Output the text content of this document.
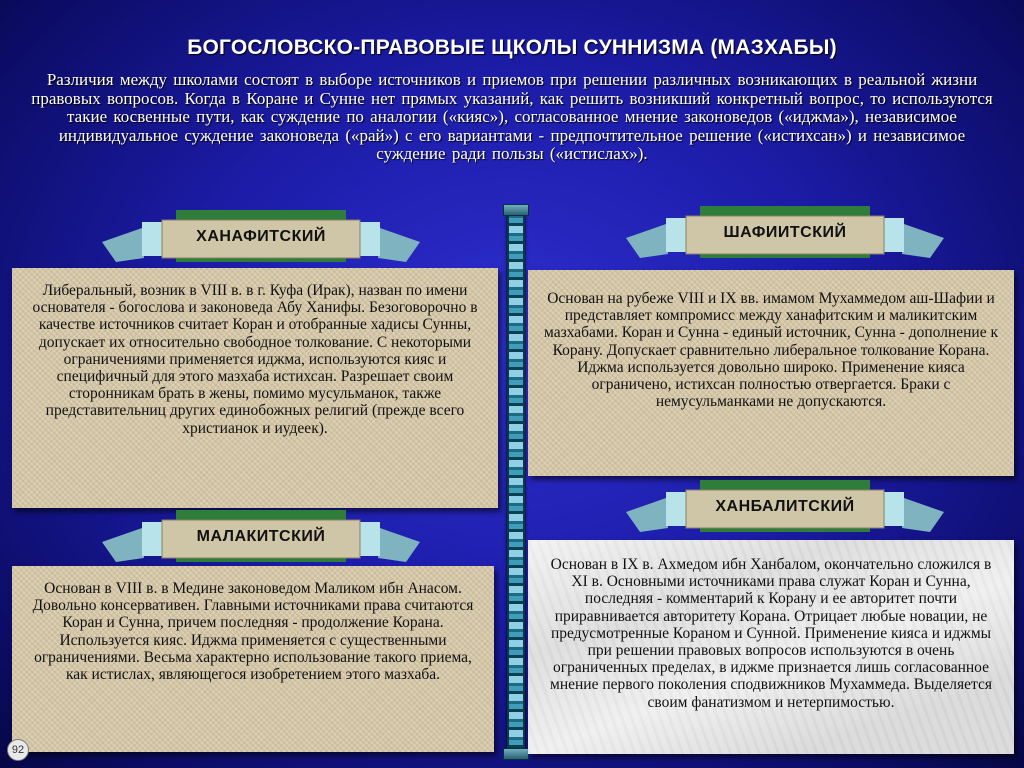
БОГОСЛОВСКО-ПРАВОВЫЕ ЩКОЛЫ СУННИЗМА (МАЗХАБЫ)
Различия между школами состоят в выборе источников и приемов при решении различных возникающих в реальной жизни правовых вопросов. Когда в Коране и Сунне нет прямых указаний, как решить возникший конкретный вопрос, то используются такие косвенные пути, как суждение по аналогии («кияс»), согласованное мнение законоведов («иджма»), независимое индивидуальное суждение законоведа («рай») с его вариантами - предпочтительное решение («истихсан») и независимое суждение ради пользы («истислах»).
Либеральный, возник в VIII в. в г. Куфа (Ирак), назван по имени основателя - богослова и законоведа Абу Ханифы. Безоговорочно в качестве источников считает Коран и отобранные хадисы Сунны, допускает их относительно свободное толкование. С некоторыми ограничениями применяется иджма, используются кияс и специфичный для этого мазхаба истихсан. Разрешает своим сторонникам брать в жены, помимо мусульманок, также представительниц других единобожных религий (прежде всего христианок и иудеек).
ХАНАФИТСКИЙ
Основан на рубеже VIII и IX вв. имамом Мухаммедом аш-Шафии и представляет компромисс между ханафитским и маликитским мазхабами. Коран и Сунна - единый источник, Сунна - дополнение к Корану. Допускает сравнительно либеральное толкование Корана. Иджма используется довольно широко. Применение кияса ограничено, истихсан полностью отвергается. Браки с немусульманками не допускаются.
ШАФИИТСКИЙ
Основан в VIII в. в Медине законоведом Маликом ибн Анасом. Довольно консервативен. Главными источниками права считаются Коран и Сунна, причем последняя - продолжение Корана. Используется кияс. Иджма применяется с существенными ограничениями. Весьма характерно использование такого приема, как истислах, являющегося изобретением этого мазхаба.
МАЛАКИТСКИЙ
Основан в IX в. Ахмедом ибн Ханбалом, окончательно сложился в XI в. Основными источниками права служат Коран и Сунна, последняя - комментарий к Корану и ее авторитет почти приравнивается авторитету Корана. Отрицает любые новации, не предусмотренные Кораном и Сунной. Применение кияса и иджмы при решении правовых вопросов используются в очень ограниченных пределах, в иджме признается лишь согласованное мнение первого поколения сподвижников Мухаммеда. Выделяется своим фанатизмом и нетерпимостью.
ХАНБАЛИТСКИЙ
92
